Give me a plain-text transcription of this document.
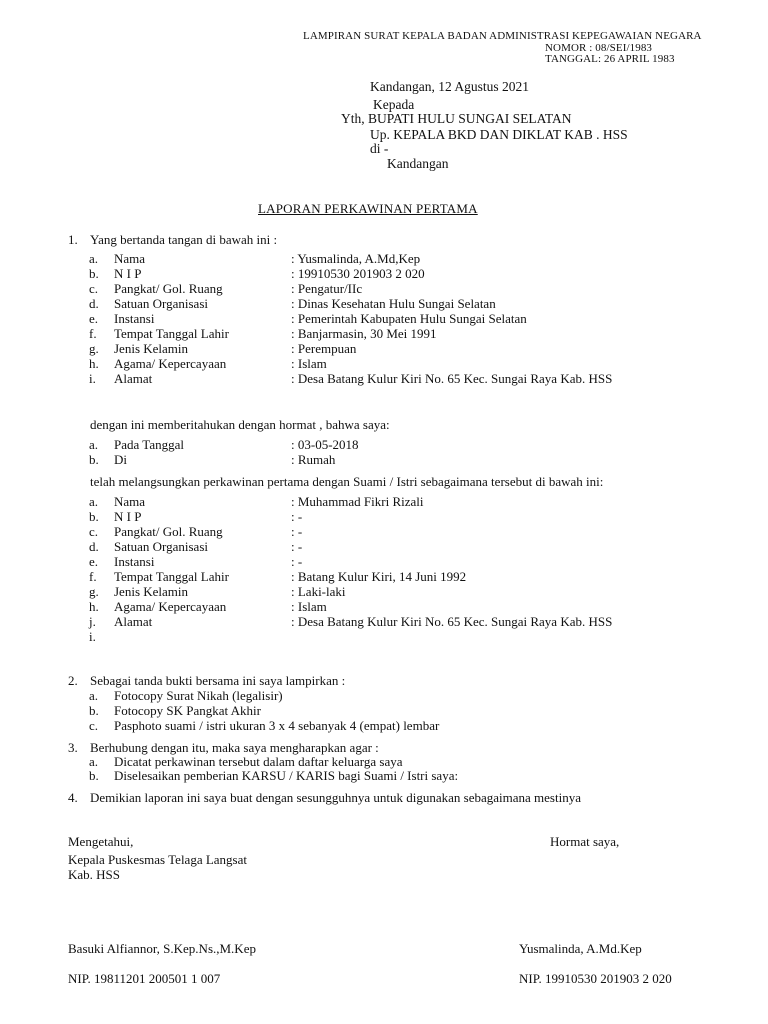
LAMPIRAN SURAT KEPALA BADAN ADMINISTRASI KEPEGAWAIAN NEGARA
NOMOR : 08/SEI/1983
TANGGAL: 26 APRIL 1983
Kandangan, 12 Agustus 2021
Kepada
Yth, BUPATI HULU SUNGAI SELATAN
Up. KEPALA BKD DAN DIKLAT KAB . HSS
di -
Kandangan
LAPORAN PERKAWINAN PERTAMA
1. Yang bertanda tangan di bawah ini :
a. Nama	: Yusmalinda, A.Md,Kep
b. N I P	: 19910530 201903 2 020
c. Pangkat/ Gol. Ruang	: Pengatur/IIc
d. Satuan Organisasi	: Dinas Kesehatan Hulu Sungai Selatan
e. Instansi	: Pemerintah Kabupaten Hulu Sungai Selatan
f. Tempat Tanggal Lahir	: Banjarmasin, 30 Mei 1991
g. Jenis Kelamin	: Perempuan
h. Agama/ Kepercayaan	: Islam
i. Alamat	: Desa Batang Kulur Kiri No. 65 Kec. Sungai Raya Kab. HSS
dengan ini memberitahukan dengan hormat , bahwa saya:
a. Pada Tanggal	: 03-05-2018
b. Di	: Rumah
telah melangsungkan perkawinan pertama dengan Suami / Istri sebagaimana tersebut di bawah ini:
a. Nama	: Muhammad Fikri Rizali
b. N I P	: -
c. Pangkat/ Gol. Ruang	: -
d. Satuan Organisasi	: -
e. Instansi	: -
f. Tempat Tanggal Lahir	: Batang Kulur Kiri, 14 Juni 1992
g. Jenis Kelamin	: Laki-laki
h. Agama/ Kepercayaan	: Islam
j. Alamat	: Desa Batang Kulur Kiri No. 65 Kec. Sungai Raya Kab. HSS
i.
2. Sebagai tanda bukti bersama ini saya lampirkan :
a. Fotocopy Surat Nikah (legalisir)
b. Fotocopy SK Pangkat Akhir
c. Pasphoto suami / istri ukuran 3 x 4 sebanyak 4 (empat) lembar
3. Berhubung dengan itu, maka saya mengharapkan agar :
a. Dicatat perkawinan tersebut dalam daftar keluarga saya
b. Diselesaikan pemberian KARSU / KARIS bagi Suami / Istri saya:
4. Demikian laporan ini saya buat dengan sesungguhnya untuk digunakan sebagaimana mestinya
Mengetahui,
Kepala Puskesmas Telaga Langsat
Kab. HSS
Basuki Alfiannor, S.Kep.Ns.,M.Kep
NIP. 19811201 200501 1 007
Hormat saya,
Yusmalinda, A.Md.Kep
NIP. 19910530 201903 2 020
